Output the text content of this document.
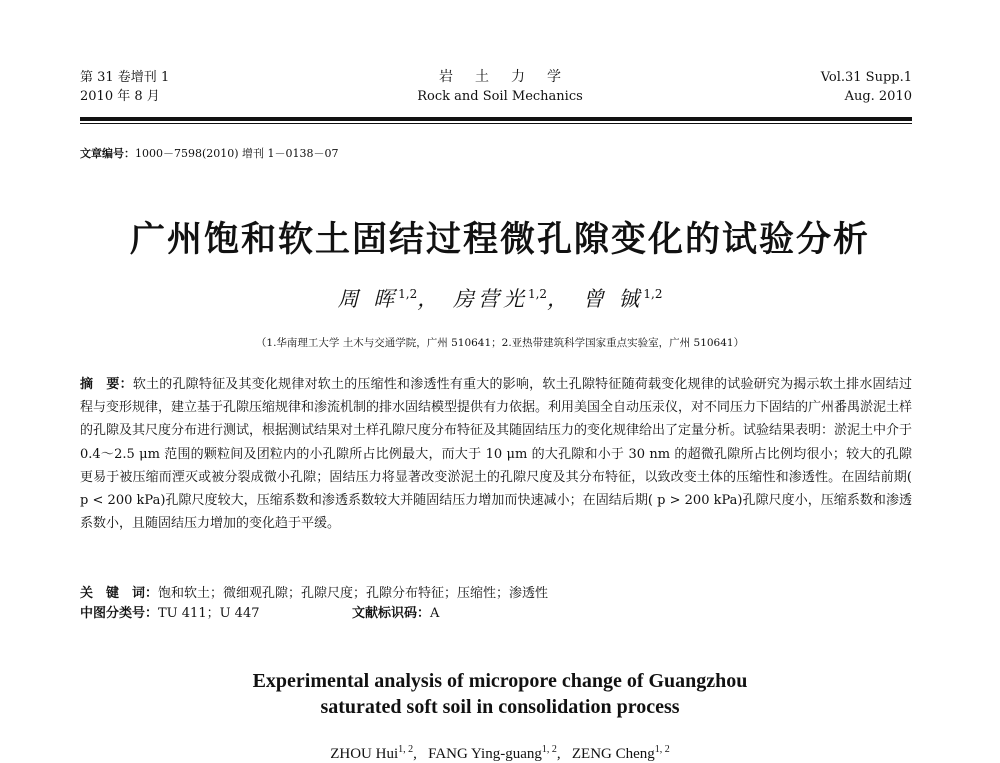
第 31 卷增刊 1
2010 年 8 月
岩土力学
Rock and Soil Mechanics
Vol.31 Supp.1
Aug. 2010
文章编号：1000－7598(2010) 增刊 1－0138－07
广州饱和软土固结过程微孔隙变化的试验分析
周 晖$^{1,2}$， 房营光$^{1,2}$， 曾 铖$^{1,2}$
（1.华南理工大学 土木与交通学院，广州 510641；2.亚热带建筑科学国家重点实验室，广州 510641）
摘　要：软土的孔隙特征及其变化规律对软土的压缩性和渗透性有重大的影响，软土孔隙特征随荷载变化规律的试验研究为揭示软土排水固结过程与变形规律，建立基于孔隙压缩规律和渗流机制的排水固结模型提供有力依据。利用美国全自动压汞仪，对不同压力下固结的广州番禺淤泥土样的孔隙及其尺度分布进行测试，根据测试结果对土样孔隙尺度分布特征及其随固结压力的变化规律给出了定量分析。试验结果表明：淤泥土中介于 0.4～2.5 μm 范围的颗粒间及团粒内的小孔隙所占比例最大，而大于 10 μm 的大孔隙和小于 30 nm 的超微孔隙所占比例均很小；较大的孔隙更易于被压缩而湮灭或被分裂成微小孔隙；固结压力将显著改变淤泥土的孔隙尺度及其分布特征，以致改变土体的压缩性和渗透性。在固结前期( p < 200 kPa)孔隙尺度较大，压缩系数和渗透系数较大并随固结压力增加而快速减小；在固结后期( p > 200 kPa)孔隙尺度小，压缩系数和渗透系数小，且随固结压力增加的变化趋于平缓。
关　键　词：饱和软土；微细观孔隙；孔隙尺度；孔隙分布特征；压缩性；渗透性
中图分类号：TU 411；U 447	文献标识码：A
Experimental analysis of micropore change of Guangzhou
saturated soft soil in consolidation process
ZHOU Hui$^{1, 2}$,   FANG Ying-guang$^{1, 2}$,   ZENG Cheng$^{1, 2}$
